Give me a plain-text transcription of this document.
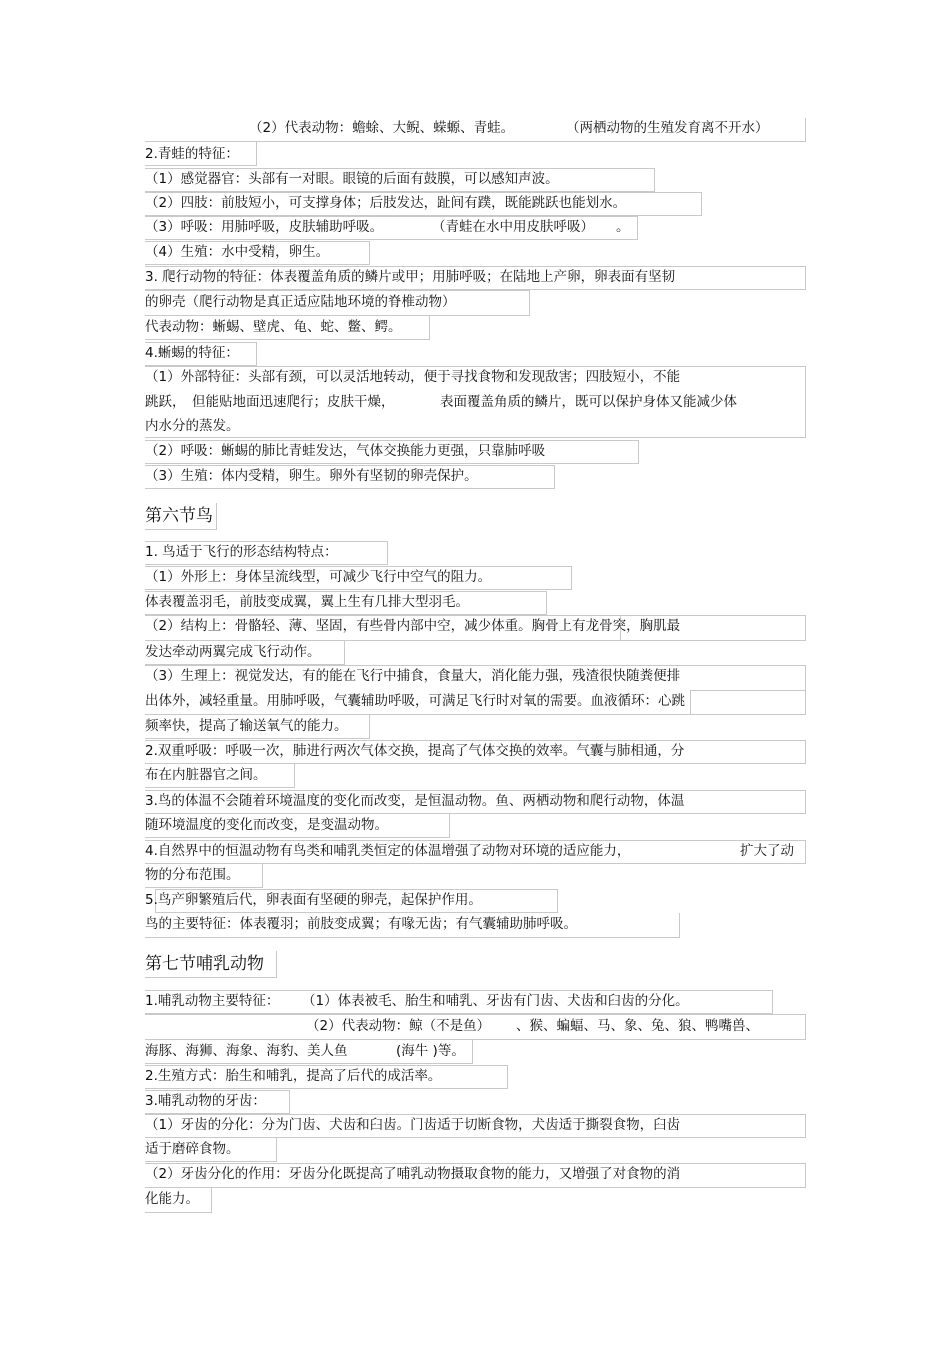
（2）代表动物：蟾蜍、大鲵、蝾螈、青蛙。	（两栖动物的生殖发育离不开水）
2.青蛙的特征：
（1）感觉器官：头部有一对眼。眼镜的后面有鼓膜，可以感知声波。
（2）四肢：前肢短小，可支撑身体；后肢发达，趾间有蹼，既能跳跃也能划水。
（3）呼吸：用肺呼吸，皮肤辅助呼吸。	（青蛙在水中用皮肤呼吸） 。
（4）生殖：水中受精，卵生。
3. 爬行动物的特征：体表覆盖角质的鳞片或甲；用肺呼吸；在陆地上产卵，卵表面有坚韧
的卵壳（爬行动物是真正适应陆地环境的脊椎动物）
代表动物：蜥蜴、壁虎、龟、蛇、鳖、鳄。
4.蜥蜴的特征：
（1）外部特征：头部有颈，可以灵活地转动，便于寻找食物和发现敌害；四肢短小，不能
跳跃， 但能贴地面迅速爬行；皮肤干燥，	表面覆盖角质的鳞片，既可以保护身体又能减少体
内水分的蒸发。
（2）呼吸：蜥蜴的肺比青蛙发达，气体交换能力更强，只靠肺呼吸
（3）生殖：体内受精，卵生。卵外有坚韧的卵壳保护。
第六节鸟
1. 鸟适于飞行的形态结构特点：
（1）外形上：身体呈流线型，可减少飞行中空气的阻力。
体表覆盖羽毛，前肢变成翼，翼上生有几排大型羽毛。
（2）结构上：骨骼轻、薄、坚固，有些骨内部中空，减少体重。胸骨上有龙骨突，胸肌最
发达牵动两翼完成飞行动作。
（3）生理上：视觉发达，有的能在飞行中捕食，食量大，消化能力强，残渣很快随粪便排
出体外，减轻重量。用肺呼吸，气囊辅助呼吸，可满足飞行时对氧的需要。血液循环：心跳
频率快，提高了输送氧气的能力。
2.双重呼吸：呼吸一次，肺进行两次气体交换，提高了气体交换的效率。气囊与肺相通，分
布在内脏器官之间。
3.鸟的体温不会随着环境温度的变化而改变，是恒温动物。鱼、两栖动物和爬行动物，体温
随环境温度的变化而改变，是变温动物。
4.自然界中的恒温动物有鸟类和哺乳类恒定的体温增强了动物对环境的适应能力，	扩大了动
物的分布范围。
5.鸟产卵繁殖后代，卵表面有坚硬的卵壳，起保护作用。
鸟的主要特征：体表覆羽；前肢变成翼；有喙无齿；有气囊辅助肺呼吸。
第七节哺乳动物
1.哺乳动物主要特征： （1）体表被毛、胎生和哺乳、牙齿有门齿、犬齿和臼齿的分化。
（2）代表动物：鲸（不是鱼） 、猴、蝙蝠、马、象、兔、狼、鸭嘴兽、
海豚、海狮、海象、海豹、美人鱼	(海牛 )等。
2.生殖方式：胎生和哺乳，提高了后代的成活率。
3.哺乳动物的牙齿：
（1）牙齿的分化：分为门齿、犬齿和臼齿。门齿适于切断食物，犬齿适于撕裂食物，臼齿
适于磨碎食物。
（2）牙齿分化的作用：牙齿分化既提高了哺乳动物摄取食物的能力，又增强了对食物的消
化能力。
